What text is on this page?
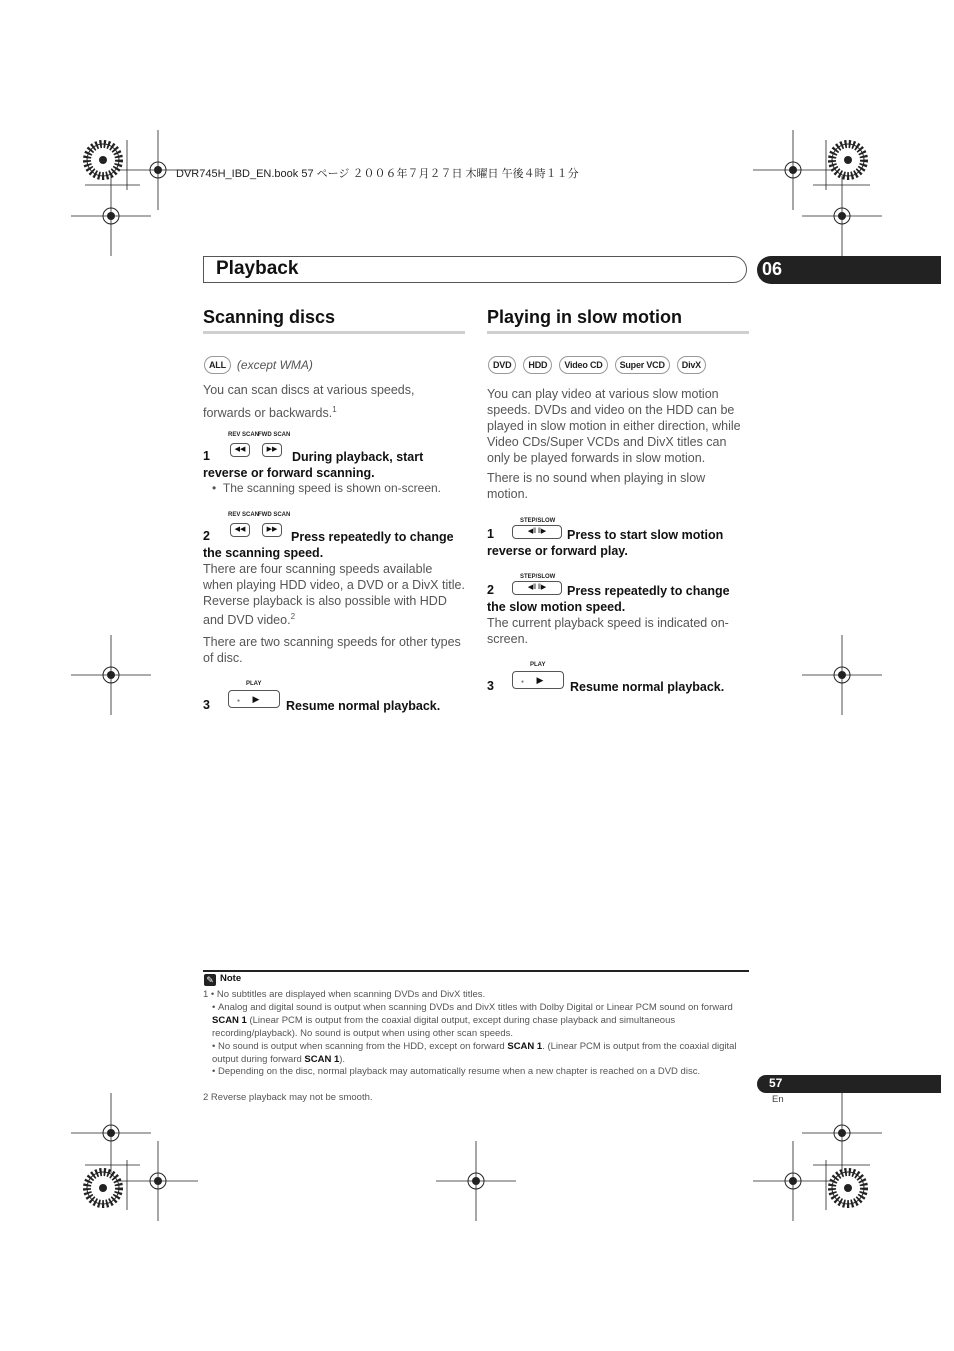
DVR745H_IBD_EN.book 57 ページ ２００６年７月２７日 木曜日 午後４時１１分
Playback	06
Scanning discs
ALL (except WMA)
You can scan discs at various speeds, forwards or backwards.$^1$
REV SCAN
FWD SCAN
◀◀	▶▶
1	During playback, start
reverse or forward scanning.
•  The scanning speed is shown on-screen.
REV SCAN
FWD SCAN
◀◀	▶▶
2	Press repeatedly to change
the scanning speed.
There are four scanning speeds available when playing HDD video, a DVD or a DivX title. Reverse playback is also possible with HDD and DVD video.$^2$
There are two scanning speeds for other types of disc.
PLAY
● ▶
3	Resume normal playback.
Playing in slow motion
DVD	HDD	Video CD	Super VCD	DivX
You can play video at various slow motion speeds. DVDs and video on the HDD can be played in slow motion in either direction, while Video CDs/Super VCDs and DivX titles can only be played forwards in slow motion.
There is no sound when playing in slow motion.
STEP/SLOW
◀‖ ‖▶
1	Press to start slow motion
reverse or forward play.
STEP/SLOW
◀‖ ‖▶
2	Press repeatedly to change
the slow motion speed.
The current playback speed is indicated on-screen.
PLAY
● ▶
3	Resume normal playback.
✎ Note
1 • No subtitles are displayed when scanning DVDs and DivX titles.
• Analog and digital sound is output when scanning DVDs and DivX titles with Dolby Digital or Linear PCM sound on forward SCAN 1 (Linear PCM is output from the coaxial digital output, except during chase playback and simultaneous recording/playback). No sound is output when using other scan speeds.
• No sound is output when scanning from the HDD, except on forward SCAN 1. (Linear PCM is output from the coaxial digital output during forward SCAN 1).
• Depending on the disc, normal playback may automatically resume when a new chapter is reached on a DVD disc.
2 Reverse playback may not be smooth.
57
En
